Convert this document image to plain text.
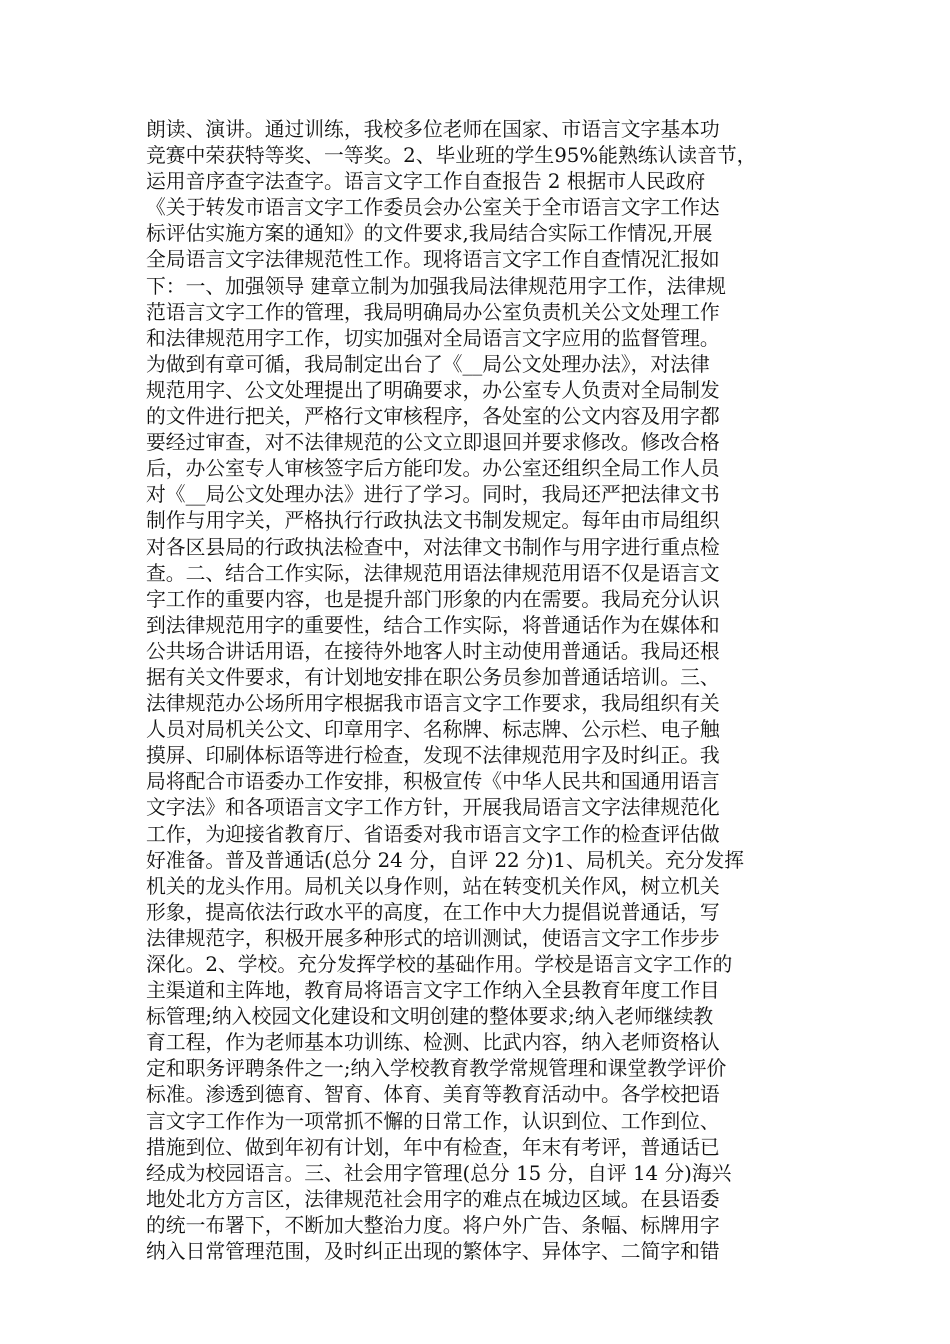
朗读、演讲。通过训练，我校多位老师在国家、市语言文字基本功
竞赛中荣获特等奖、一等奖。2、毕业班的学生95%能熟练认读音节，
运用音序查字法查字。语言文字工作自查报告 2 根据市人民政府
《关于转发市语言文字工作委员会办公室关于全市语言文字工作达
标评估实施方案的通知》的文件要求,我局结合实际工作情况,开展
全局语言文字法律规范性工作。现将语言文字工作自查情况汇报如
下：一、加强领导 建章立制为加强我局法律规范用字工作，法律规
范语言文字工作的管理，我局明确局办公室负责机关公文处理工作
和法律规范用字工作，切实加强对全局语言文字应用的监督管理。
为做到有章可循，我局制定出台了《__局公文处理办法》，对法律
规范用字、公文处理提出了明确要求，办公室专人负责对全局制发
的文件进行把关，严格行文审核程序，各处室的公文内容及用字都
要经过审查，对不法律规范的公文立即退回并要求修改。修改合格
后，办公室专人审核签字后方能印发。办公室还组织全局工作人员
对《__局公文处理办法》进行了学习。同时，我局还严把法律文书
制作与用字关，严格执行行政执法文书制发规定。每年由市局组织
对各区县局的行政执法检查中，对法律文书制作与用字进行重点检
查。二、结合工作实际，法律规范用语法律规范用语不仅是语言文
字工作的重要内容，也是提升部门形象的内在需要。我局充分认识
到法律规范用字的重要性，结合工作实际，将普通话作为在媒体和
公共场合讲话用语，在接待外地客人时主动使用普通话。我局还根
据有关文件要求，有计划地安排在职公务员参加普通话培训。三、
法律规范办公场所用字根据我市语言文字工作要求，我局组织有关
人员对局机关公文、印章用字、名称牌、标志牌、公示栏、电子触
摸屏、印刷体标语等进行检查，发现不法律规范用字及时纠正。我
局将配合市语委办工作安排，积极宣传《中华人民共和国通用语言
文字法》和各项语言文字工作方针，开展我局语言文字法律规范化
工作，为迎接省教育厅、省语委对我市语言文字工作的检查评估做
好准备。普及普通话(总分 24 分，自评 22 分)1、局机关。充分发挥
机关的龙头作用。局机关以身作则，站在转变机关作风，树立机关
形象，提高依法行政水平的高度，在工作中大力提倡说普通话，写
法律规范字，积极开展多种形式的培训测试，使语言文字工作步步
深化。2、学校。充分发挥学校的基础作用。学校是语言文字工作的
主渠道和主阵地，教育局将语言文字工作纳入全县教育年度工作目
标管理;纳入校园文化建设和文明创建的整体要求;纳入老师继续教
育工程，作为老师基本功训练、检测、比武内容，纳入老师资格认
定和职务评聘条件之一;纳入学校教育教学常规管理和课堂教学评价
标准。渗透到德育、智育、体育、美育等教育活动中。各学校把语
言文字工作作为一项常抓不懈的日常工作，认识到位、工作到位、
措施到位、做到年初有计划，年中有检查，年末有考评，普通话已
经成为校园语言。三、社会用字管理(总分 15 分，自评 14 分)海兴
地处北方方言区，法律规范社会用字的难点在城边区域。在县语委
的统一布署下，不断加大整治力度。将户外广告、条幅、标牌用字
纳入日常管理范围，及时纠正出现的繁体字、异体字、二简字和错
